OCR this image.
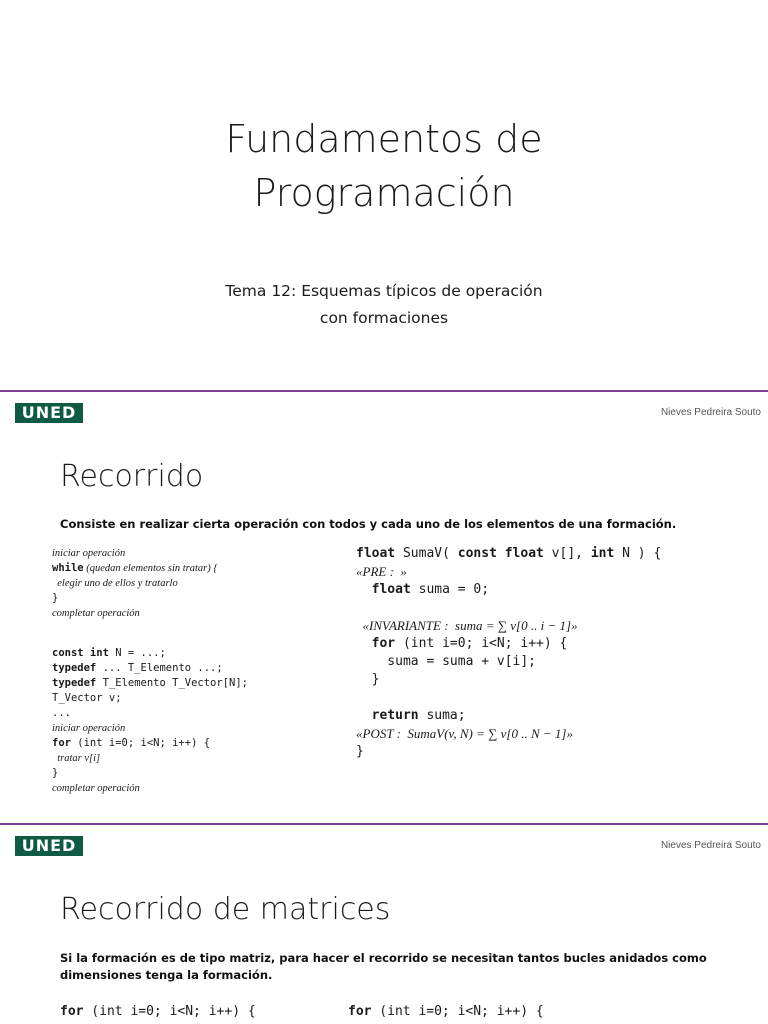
Fundamentos de
Programación
Tema 12: Esquemas típicos de operación
con formaciones
UNED	Nieves Pedreira Souto
Recorrido
Consiste en realizar cierta operación con todos y cada uno de los elementos de una formación.
iniciar operación
while (quedan elementos sin tratar) {
elegir uno de ellos y tratarlo
}
completar operación
const int N = ...;
typedef ... T_Elemento ...;
typedef T_Elemento T_Vector[N];
T_Vector v;
...
iniciar operación
for (int i=0; i<N; i++) {
tratar v[i]
}
completar operación
float SumaV( const float v[], int N ) {
«PRE :  »
float suma = 0;
«INVARIANTE :  suma = ∑ v[0 .. i − 1]»
for (int i=0; i<N; i++) {
suma = suma + v[i];
}
return suma;
«POST :  SumaV(v, N) = ∑ v[0 .. N − 1]»
}
UNED	Nieves Pedreira Souto
Recorrido de matrices
Si la formación es de tipo matriz, para hacer el recorrido se necesitan tantos bucles anidados como
dimensiones tenga la formación.
for (int i=0; i<N; i++) {	for (int i=0; i<N; i++) {
